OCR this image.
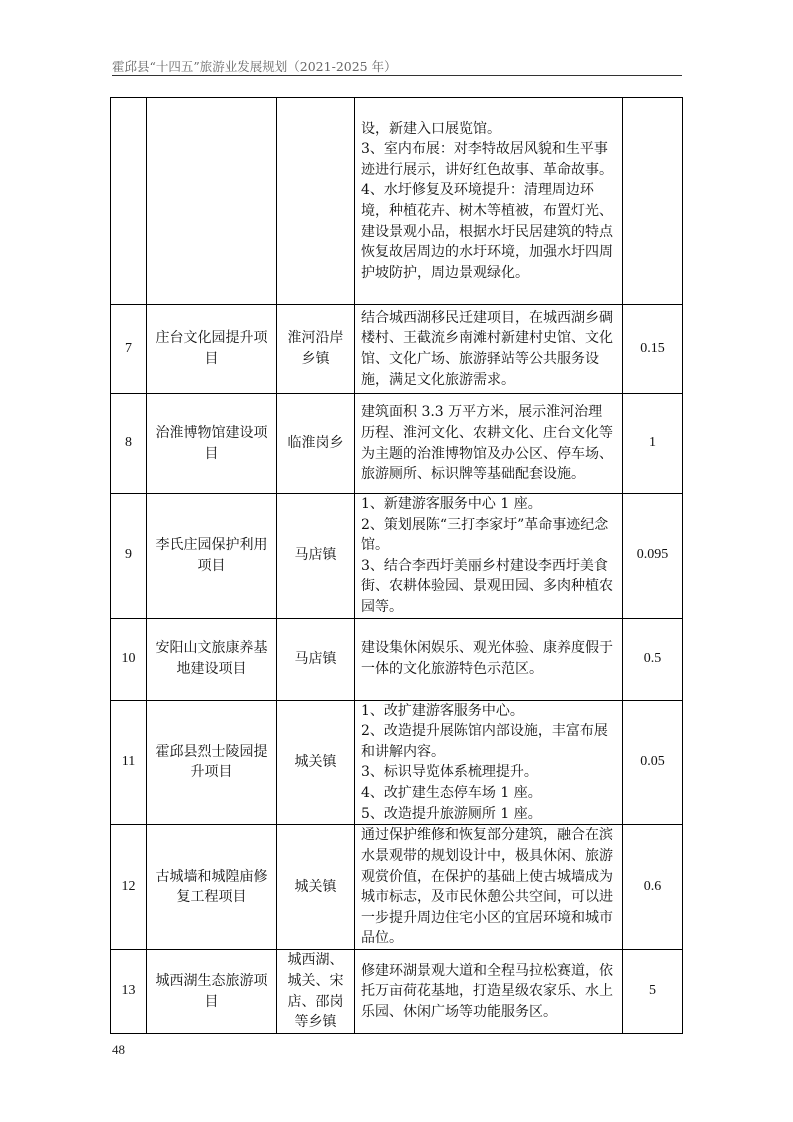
霍邱县“十四五”旅游业发展规划（2021-2025 年）

			设，新建入口展览馆。
3、室内布展：对李特故居风貌和生平事迹进行展示，讲好红色故事、革命故事。
4、水圩修复及环境提升：清理周边环境，种植花卉、树木等植被，布置灯光、建设景观小品，根据水圩民居建筑的特点恢复故居周边的水圩环境，加强水圩四周护坡防护，周边景观绿化。	

7	庄台文化园提升项目	淮河沿岸乡镇	结合城西湖移民迁建项目，在城西湖乡碉楼村、王截流乡南滩村新建村史馆、文化馆、文化广场、旅游驿站等公共服务设施，满足文化旅游需求。	0.15
8	治淮博物馆建设项目	临淮岗乡	建筑面积 3.3 万平方米，展示淮河治理历程、淮河文化、农耕文化、庄台文化等为主题的治淮博物馆及办公区、停车场、旅游厕所、标识牌等基础配套设施。	1
9	李氏庄园保护利用项目	马店镇	1、新建游客服务中心 1 座。
2、策划展陈“三打李家圩”革命事迹纪念馆。
3、结合李西圩美丽乡村建设李西圩美食街、农耕体验园、景观田园、多肉种植农园等。	0.095
10	安阳山文旅康养基地建设项目	马店镇	建设集休闲娱乐、观光体验、康养度假于一体的文化旅游特色示范区。	0.5
11	霍邱县烈士陵园提升项目	城关镇	1、改扩建游客服务中心。
2、改造提升展陈馆内部设施，丰富布展和讲解内容。
3、标识导览体系梳理提升。
4、改扩建生态停车场 1 座。
5、改造提升旅游厕所 1 座。	0.05
12	古城墙和城隍庙修复工程项目	城关镇	通过保护维修和恢复部分建筑，融合在滨水景观带的规划设计中，极具休闲、旅游观赏价值，在保护的基础上使古城墙成为城市标志，及市民休憩公共空间，可以进一步提升周边住宅小区的宜居环境和城市品位。	0.6
13	城西湖生态旅游项目	城西湖、城关、宋店、邵岗等乡镇	修建环湖景观大道和全程马拉松赛道，依托万亩荷花基地，打造星级农家乐、水上乐园、休闲广场等功能服务区。	5
48
